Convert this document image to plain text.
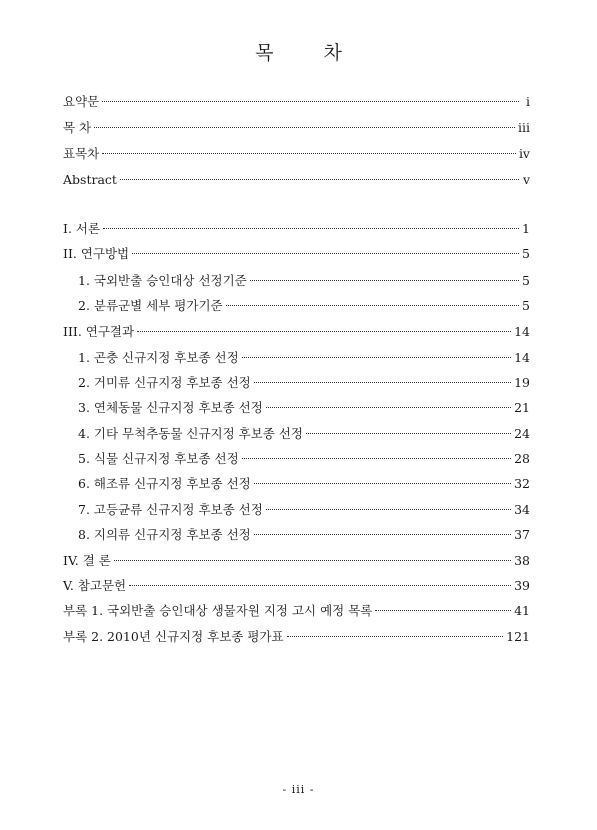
목 차
요약문	i
목 차	iii
표목차	iv
Abstract	v
I. 서론	1
II. 연구방법	5
1. 국외반출 승인대상 선정기준	5
2. 분류군별 세부 평가기준	5
III. 연구결과	14
1. 곤충 신규지정 후보종 선정	14
2. 거미류 신규지정 후보종 선정	19
3. 연체동물 신규지정 후보종 선정	21
4. 기타 무척추동물 신규지정 후보종 선정	24
5. 식물 신규지정 후보종 선정	28
6. 해조류 신규지정 후보종 선정	32
7. 고등균류 신규지정 후보종 선정	34
8. 지의류 신규지정 후보종 선정	37
IV. 결 론	38
V. 참고문헌	39
부록 1. 국외반출 승인대상 생물자원 지정 고시 예정 목록	41
부록 2. 2010년 신규지정 후보종 평가표	121
- iii -
